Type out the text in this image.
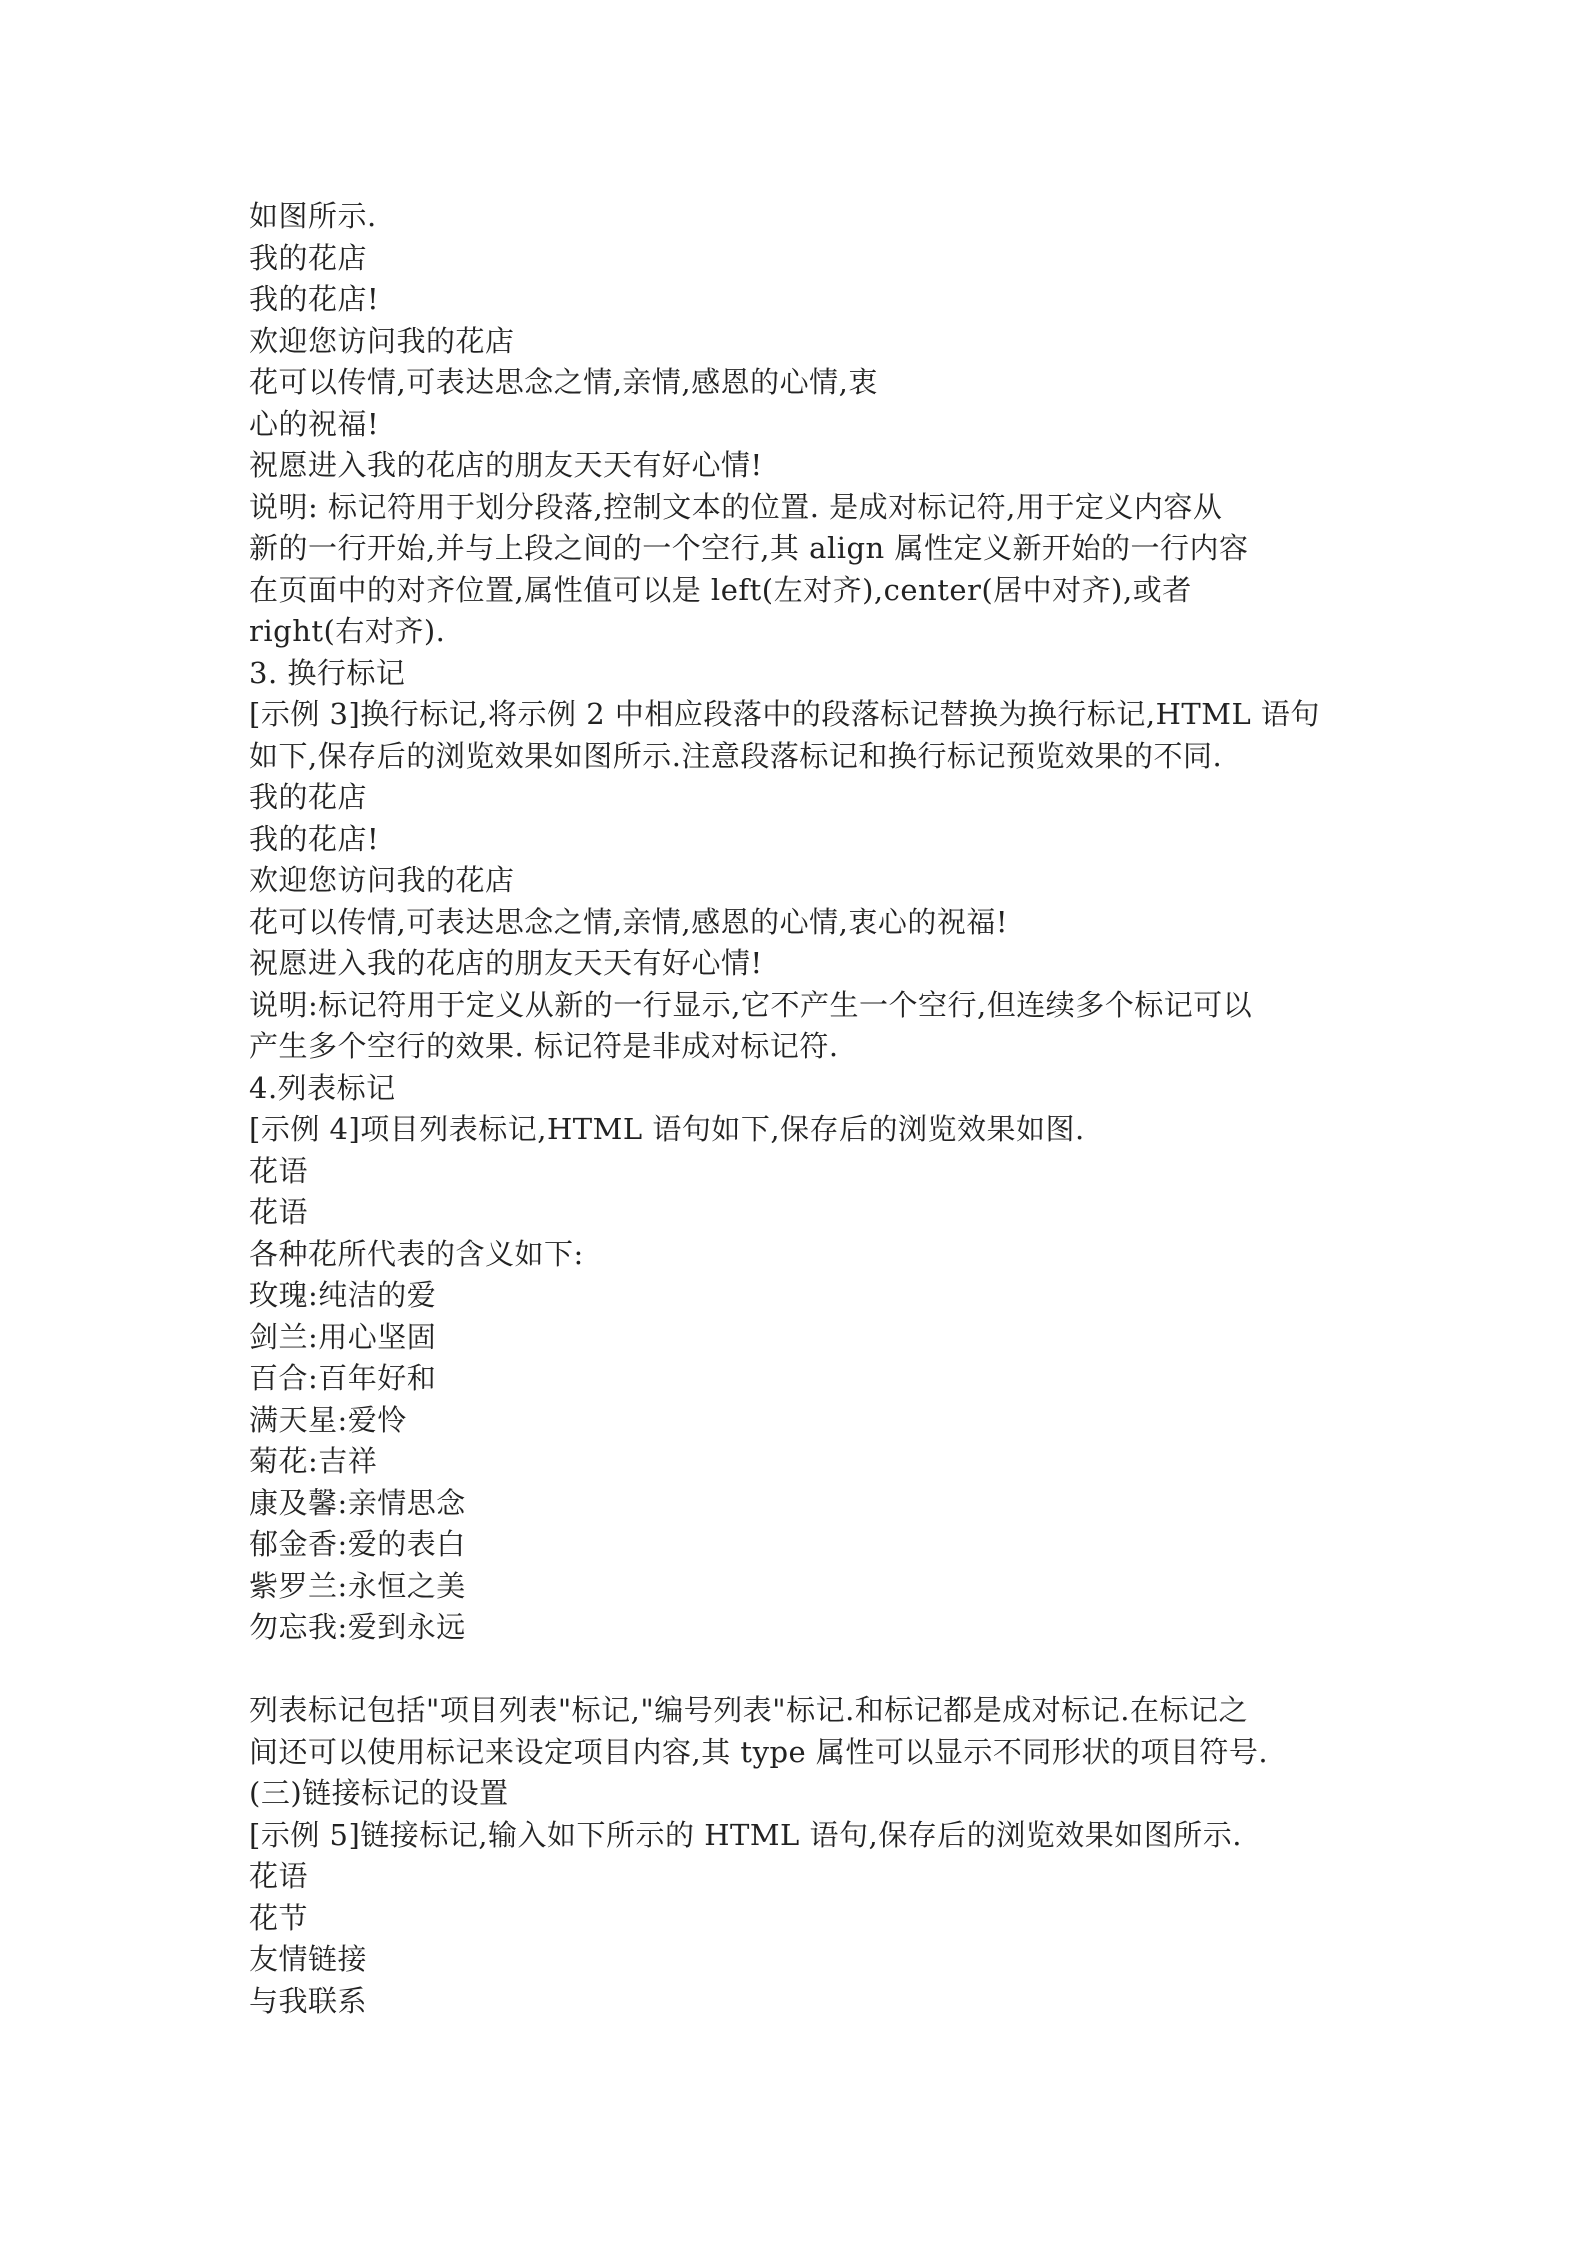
如图所示.
我的花店
我的花店!
欢迎您访问我的花店
花可以传情,可表达思念之情,亲情,感恩的心情,衷
心的祝福!
祝愿进入我的花店的朋友天天有好心情!
说明: 标记符用于划分段落,控制文本的位置. 是成对标记符,用于定义内容从
新的一行开始,并与上段之间的一个空行,其 align 属性定义新开始的一行内容
在页面中的对齐位置,属性值可以是 left(左对齐),center(居中对齐),或者
right(右对齐).
3. 换行标记
[示例 3]换行标记,将示例 2 中相应段落中的段落标记替换为换行标记,HTML 语句
如下,保存后的浏览效果如图所示.注意段落标记和换行标记预览效果的不同.
我的花店
我的花店!
欢迎您访问我的花店
花可以传情,可表达思念之情,亲情,感恩的心情,衷心的祝福!
祝愿进入我的花店的朋友天天有好心情!
说明:标记符用于定义从新的一行显示,它不产生一个空行,但连续多个标记可以
产生多个空行的效果. 标记符是非成对标记符.
4.列表标记
[示例 4]项目列表标记,HTML 语句如下,保存后的浏览效果如图.
花语
花语
各种花所代表的含义如下:
玫瑰:纯洁的爱
剑兰:用心坚固
百合:百年好和
满天星:爱怜
菊花:吉祥
康及馨:亲情思念
郁金香:爱的表白
紫罗兰:永恒之美
勿忘我:爱到永远
列表标记包括"项目列表"标记,"编号列表"标记.和标记都是成对标记.在标记之
间还可以使用标记来设定项目内容,其 type 属性可以显示不同形状的项目符号.
(三)链接标记的设置
[示例 5]链接标记,输入如下所示的 HTML 语句,保存后的浏览效果如图所示.
花语
花节
友情链接
与我联系
